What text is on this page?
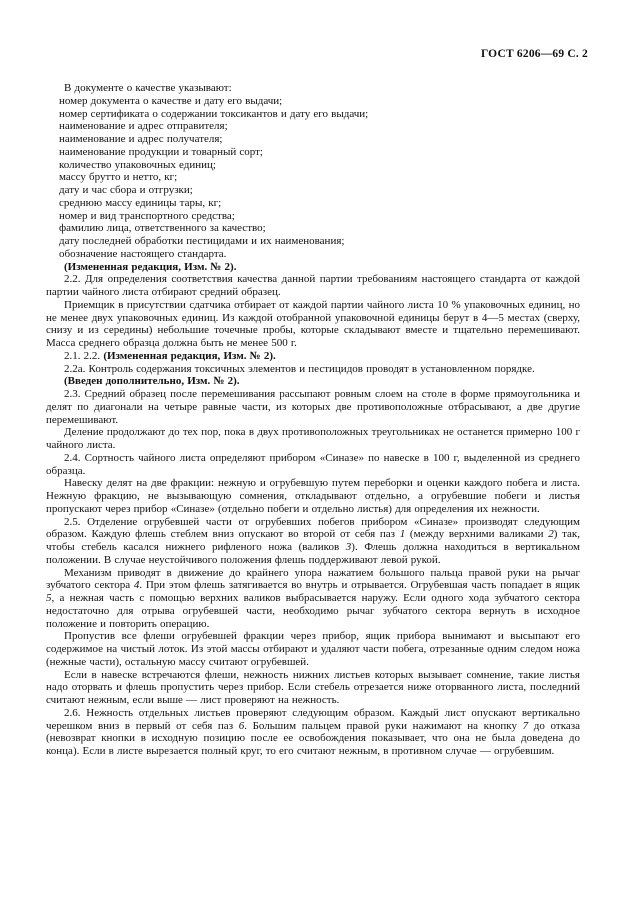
ГОСТ 6206—69 С. 2

В документе о качестве указывают:

номер документа о качестве и дату его выдачи;

номер сертификата о содержании токсикантов и дату его выдачи;

наименование и адрес отправителя;

наименование и адрес получателя;

наименование продукции и товарный сорт;

количество упаковочных единиц;

массу брутто и нетто, кг;

дату и час сбора и отгрузки;

среднюю массу единицы тары, кг;

номер и вид транспортного средства;

фамилию лица, ответственного за качество;

дату последней обработки пестицидами и их наименования;

обозначение настоящего стандарта.

(Измененная редакция, Изм. № 2).

2.2. Для определения соответствия качества данной партии требованиям настоящего стандарта от каждой партии чайного листа отбирают средний образец.

Приемщик в присутствии сдатчика отбирает от каждой партии чайного листа 10 % упаковочных единиц, но не менее двух упаковочных единиц. Из каждой отобранной упаковочной единицы берут в 4—5 местах (сверху, снизу и из середины) небольшие точечные пробы, которые складывают вместе и тщательно перемешивают. Масса среднего образца должна быть не менее 500 г.

2.1. 2.2. (Измененная редакция, Изм. № 2).

2.2а. Контроль содержания токсичных элементов и пестицидов проводят в установленном порядке.

(Введен дополнительно, Изм. № 2).

2.3. Средний образец после перемешивания рассыпают ровным слоем на столе в форме прямоугольника и делят по диагонали на четыре равные части, из которых две противоположные отбрасывают, а две другие перемешивают.

Деление продолжают до тех пор, пока в двух противоположных треугольниках не останется примерно 100 г чайного листа.

2.4. Сортность чайного листа определяют прибором «Синазе» по навеске в 100 г, выделенной из среднего образца.

Навеску делят на две фракции: нежную и огрубевшую путем переборки и оценки каждого побега и листа. Нежную фракцию, не вызывающую сомнения, откладывают отдельно, а огрубевшие побеги и листья пропускают через прибор «Синазе» (отдельно побеги и отдельно листья) для определения их нежности.

2.5. Отделение огрубевшей части от огрубевших побегов прибором «Синазе» производят следующим образом. Каждую флешь стеблем вниз опускают во второй от себя паз 1 (между верхними валиками 2) так, чтобы стебель касался нижнего рифленого ножа (валиков 3). Флешь должна находиться в вертикальном положении. В случае неустойчивого положения флешь поддерживают левой рукой.

Механизм приводят в движение до крайнего упора нажатием большого пальца правой руки на рычаг зубчатого сектора 4. При этом флешь затягивается во внутрь и отрывается. Огрубевшая часть попадает в ящик 5, а нежная часть с помощью верхних валиков выбрасывается наружу. Если одного хода зубчатого сектора недостаточно для отрыва огрубевшей части, необходимо рычаг зубчатого сектора вернуть в исходное положение и повторить операцию.

Пропустив все флеши огрубевшей фракции через прибор, ящик прибора вынимают и высыпают его содержимое на чистый лоток. Из этой массы отбирают и удаляют части побега, отрезанные одним следом ножа (нежные части), остальную массу считают огрубевшей.

Если в навеске встречаются флеши, нежность нижних листьев которых вызывает сомнение, такие листья надо оторвать и флешь пропустить через прибор. Если стебель отрезается ниже оторванного листа, последний считают нежным, если выше — лист проверяют на нежность.

2.6. Нежность отдельных листьев проверяют следующим образом. Каждый лист опускают вертикально черешком вниз в первый от себя паз 6. Большим пальцем правой руки нажимают на кнопку 7 до отказа (невозврат кнопки в исходную позицию после ее освобождения показывает, что она не была доведена до конца). Если в листе вырезается полный круг, то его считают нежным, в противном случае — огрубевшим.
